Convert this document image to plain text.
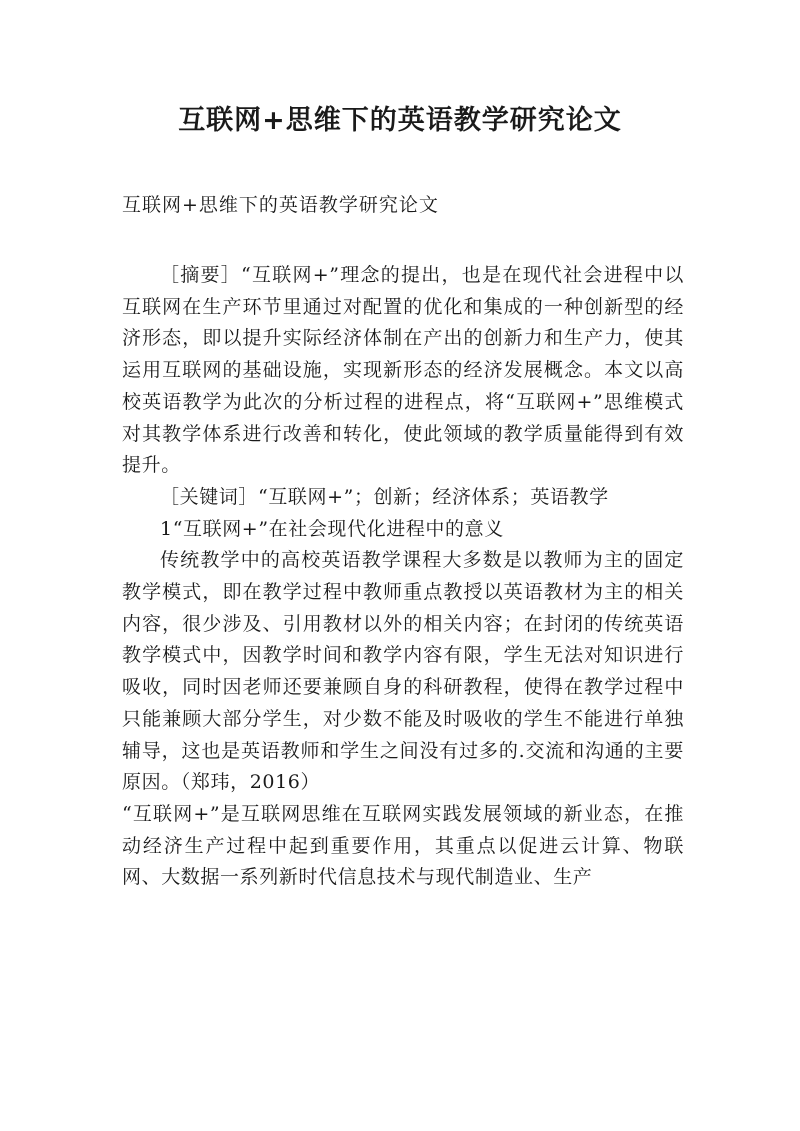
互联网+思维下的英语教学研究论文
互联网+思维下的英语教学研究论文

［摘要］“互联网+”理念的提出，也是在现代社会进程中以互联网在生产环节里通过对配置的优化和集成的一种创新型的经济形态，即以提升实际经济体制在产出的创新力和生产力，使其运用互联网的基础设施，实现新形态的经济发展概念。本文以高校英语教学为此次的分析过程的进程点，将“互联网+”思维模式对其教学体系进行改善和转化，使此领域的教学质量能得到有效提升。

［关键词］“互联网+”；创新；经济体系；英语教学

1“互联网+”在社会现代化进程中的意义

传统教学中的高校英语教学课程大多数是以教师为主的固定教学模式，即在教学过程中教师重点教授以英语教材为主的相关内容，很少涉及、引用教材以外的相关内容；在封闭的传统英语教学模式中，因教学时间和教学内容有限，学生无法对知识进行吸收，同时因老师还要兼顾自身的科研教程，使得在教学过程中只能兼顾大部分学生，对少数不能及时吸收的学生不能进行单独辅导，这也是英语教师和学生之间没有过多的.交流和沟通的主要原因。（郑玮，2016）

“互联网+”是互联网思维在互联网实践发展领域的新业态，在推动经济生产过程中起到重要作用，其重点以促进云计算、物联网、大数据一系列新时代信息技术与现代制造业、生产
